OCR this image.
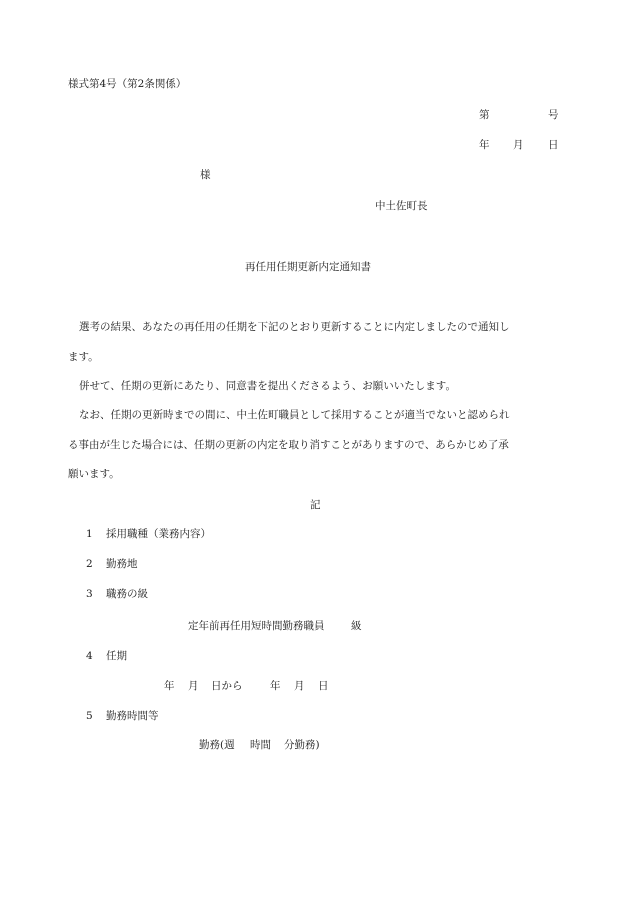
様式第4号（第2条関係）
第	号
年 月 日
様
中土佐町長
再任用任期更新内定通知書
選考の結果、あなたの再任用の任期を下記のとおり更新することに内定しましたので通知し
ます。
併せて、任期の更新にあたり、同意書を提出くださるよう、お願いいたします。
なお、任期の更新時までの間に、中土佐町職員として採用することが適当でないと認められ
る事由が生じた場合には、任期の更新の内定を取り消すことがありますので、あらかじめ了承
願います。
記
1 採用職種（業務内容）
2 勤務地
3 職務の級
定年前再任用短時間勤務職員	級
4 任期
年 月 日から	年 月 日
5 勤務時間等
勤務(週 時間 分勤務)
